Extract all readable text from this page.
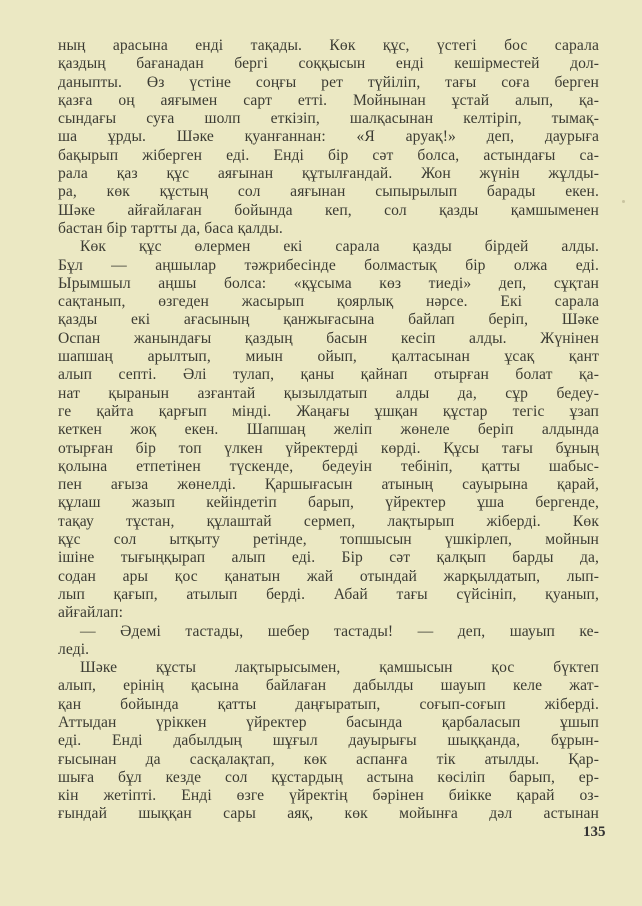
ның арасына енді тақады. Көк құс, үстегі бос сарала
қаздың бағанадан бергі соққысын енді кешірместей дол-
даныпты. Өз үстіне соңғы рет түйіліп, тағы соға берген
қазға оң аяғымен сарт етті. Мойнынан ұстай алып, қа-
сындағы суға шолп еткізіп, шалқасынан келтіріп, тымақ-
ша ұрды. Шәке қуанғаннан: «Я аруақ!» деп, даурыға
бақырып жіберген еді. Енді бір сәт болса, астындағы са-
рала қаз құс аяғынан құтылғандай. Жон жүнін жұлды-
ра, көк құстың сол аяғынан сыпырылып барады екен.
Шәке айғайлаған бойында кеп, сол қазды қамшыменен
бастан бір тартты да, баса қалды.
Көк құс өлермен екі сарала қазды бірдей алды.
Бұл — аңшылар тәжрибесінде болмастық бір олжа еді.
Ырымшыл аңшы болса: «құсыма көз тиеді» деп, сұқтан
сақтанып, өзгеден жасырып қоярлық нәрсе. Екі сарала
қазды екі ағасының қанжығасына байлап беріп, Шәке
Оспан жанындағы қаздың басын кесіп алды. Жүнінен
шапшаң арылтып, миын ойып, қалтасынан ұсақ қант
алып септі. Әлі тулап, қаны қайнап отырған болат қа-
нат қыранын азғантай қызылдатып алды да, сұр бедеу-
ге қайта қарғып мінді. Жаңағы ұшқан құстар тегіс ұзап
кеткен жоқ екен. Шапшаң желіп жөнеле беріп алдында
отырған бір топ үлкен үйректерді көрді. Құсы тағы бұның
қолына етпетінен түскенде, бедеуін тебініп, қатты шабыс-
пен ағыза жөнелді. Қаршығасын атының сауырына қарай,
құлаш жазып кейіндетіп барып, үйректер ұша бергенде,
тақау тұстан, құлаштай сермеп, лақтырып жіберді. Көк
құс сол ытқыту ретінде, топшысын үшкірлеп, мойнын
ішіне тығыңқырап алып еді. Бір сәт қалқып барды да,
содан ары қос қанатын жай отындай жарқылдатып, лып-
лып қағып, атылып берді. Абай тағы сүйсініп, қуанып,
айғайлап:
— Әдемі тастады, шебер тастады! — деп, шауып ке-
леді.
Шәке құсты лақтырысымен, қамшысын қос бүктеп
алып, ерінің қасына байлаған дабылды шауып келе жат-
қан бойында қатты даңғыратып, соғып-соғып жіберді.
Аттыдан үріккен үйректер басында қарбаласып ұшып
еді. Енді дабылдың шұғыл дауырығы шыққанда, бұрын-
ғысынан да сасқалақтап, көк аспанға тік атылды. Қар-
шыға бұл кезде сол құстардың астына көсіліп барып, ер-
кін жетіпті. Енді өзге үйректің бәрінен биікке қарай оз-
ғындай шыққан сары аяқ, көк мойынға дәл астынан
135
